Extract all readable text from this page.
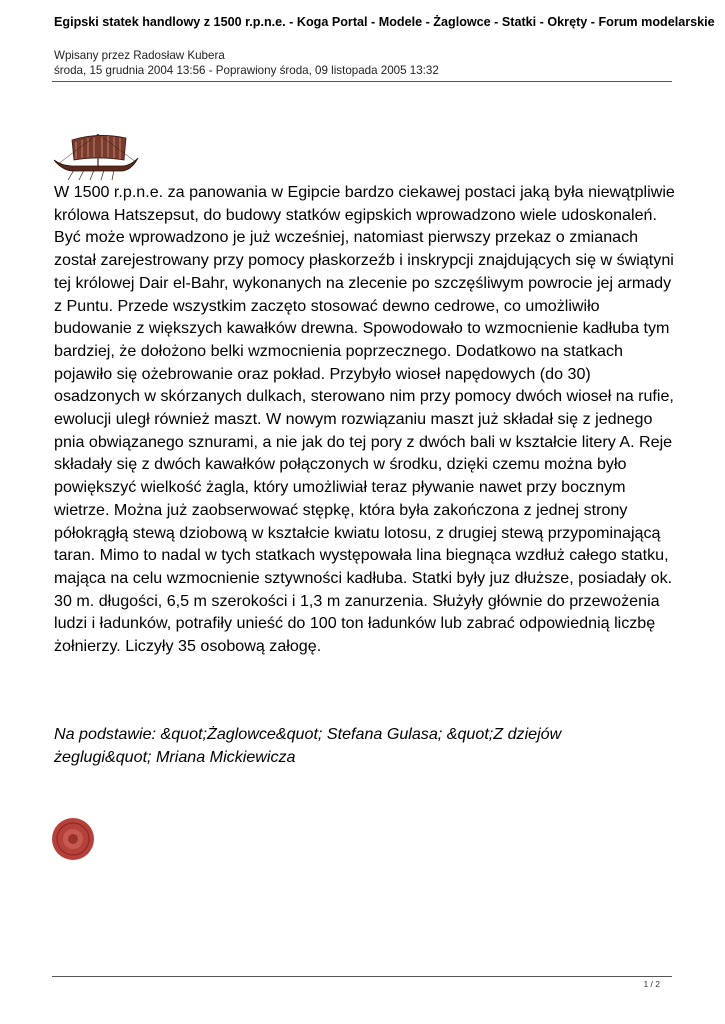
Egipski statek handlowy z 1500 r.p.n.e. - Koga Portal - Modele - Żaglowce - Statki - Okręty - Forum modelarskie
Wpisany przez Radosław Kubera
środa, 15 grudnia 2004 13:56 - Poprawiony środa, 09 listopada 2005 13:32

W 1500 r.p.n.e. za panowania w Egipcie bardzo ciekawej postaci jaką była niewątpliwie królowa Hatszepsut, do budowy statków egipskich wprowadzono wiele udoskonaleń. Być może wprowadzono je już wcześniej, natomiast pierwszy przekaz o zmianach został zarejestrowany przy pomocy płaskorzeźb i inskrypcji znajdujących się w świątyni tej królowej Dair el-Bahr, wykonanych na zlecenie po szczęśliwym powrocie jej armady z Puntu. Przede wszystkim zaczęto stosować dewno cedrowe, co umożliwiło budowanie z większych kawałków drewna. Spowodowało to wzmocnienie kadłuba tym bardziej, że dołożono belki wzmocnienia poprzecznego. Dodatkowo na statkach pojawiło się ożebrowanie oraz pokład. Przybyło wioseł napędowych (do 30) osadzonych w skórzanych dulkach, sterowano nim przy pomocy dwóch wioseł na rufie, ewolucji uległ również maszt. W nowym rozwiązaniu maszt już składał się z jednego pnia obwiązanego sznurami, a nie jak do tej pory z dwóch bali w kształcie litery A. Reje składały się z dwóch kawałków połączonych w środku, dzięki czemu można było powiększyć wielkość żagla, który umożliwiał teraz pływanie nawet przy bocznym wietrze. Można już zaobserwować stępkę, która była zakończona z jednej strony półokrągłą stewą dziobową w kształcie kwiatu lotosu, z drugiej stewą przypominającą taran. Mimo to nadal w tych statkach występowała lina biegnąca wzdłuż całego statku, mająca na celu wzmocnienie sztywności kadłuba. Statki były juz dłuższe, posiadały ok. 30 m. długości, 6,5 m szerokości i 1,3 m zanurzenia. Służyły głównie do przewożenia ludzi i ładunków, potrafiły unieść do 100 ton ładunków lub zabrać odpowiednią liczbę żołnierzy. Liczyły 35 osobową załogę.

Na podstawie: &quot;Żaglowce&quot; Stefana Gulasa; &quot;Z dziejów żeglugi&quot; Mriana Mickiewicza

1 / 2
